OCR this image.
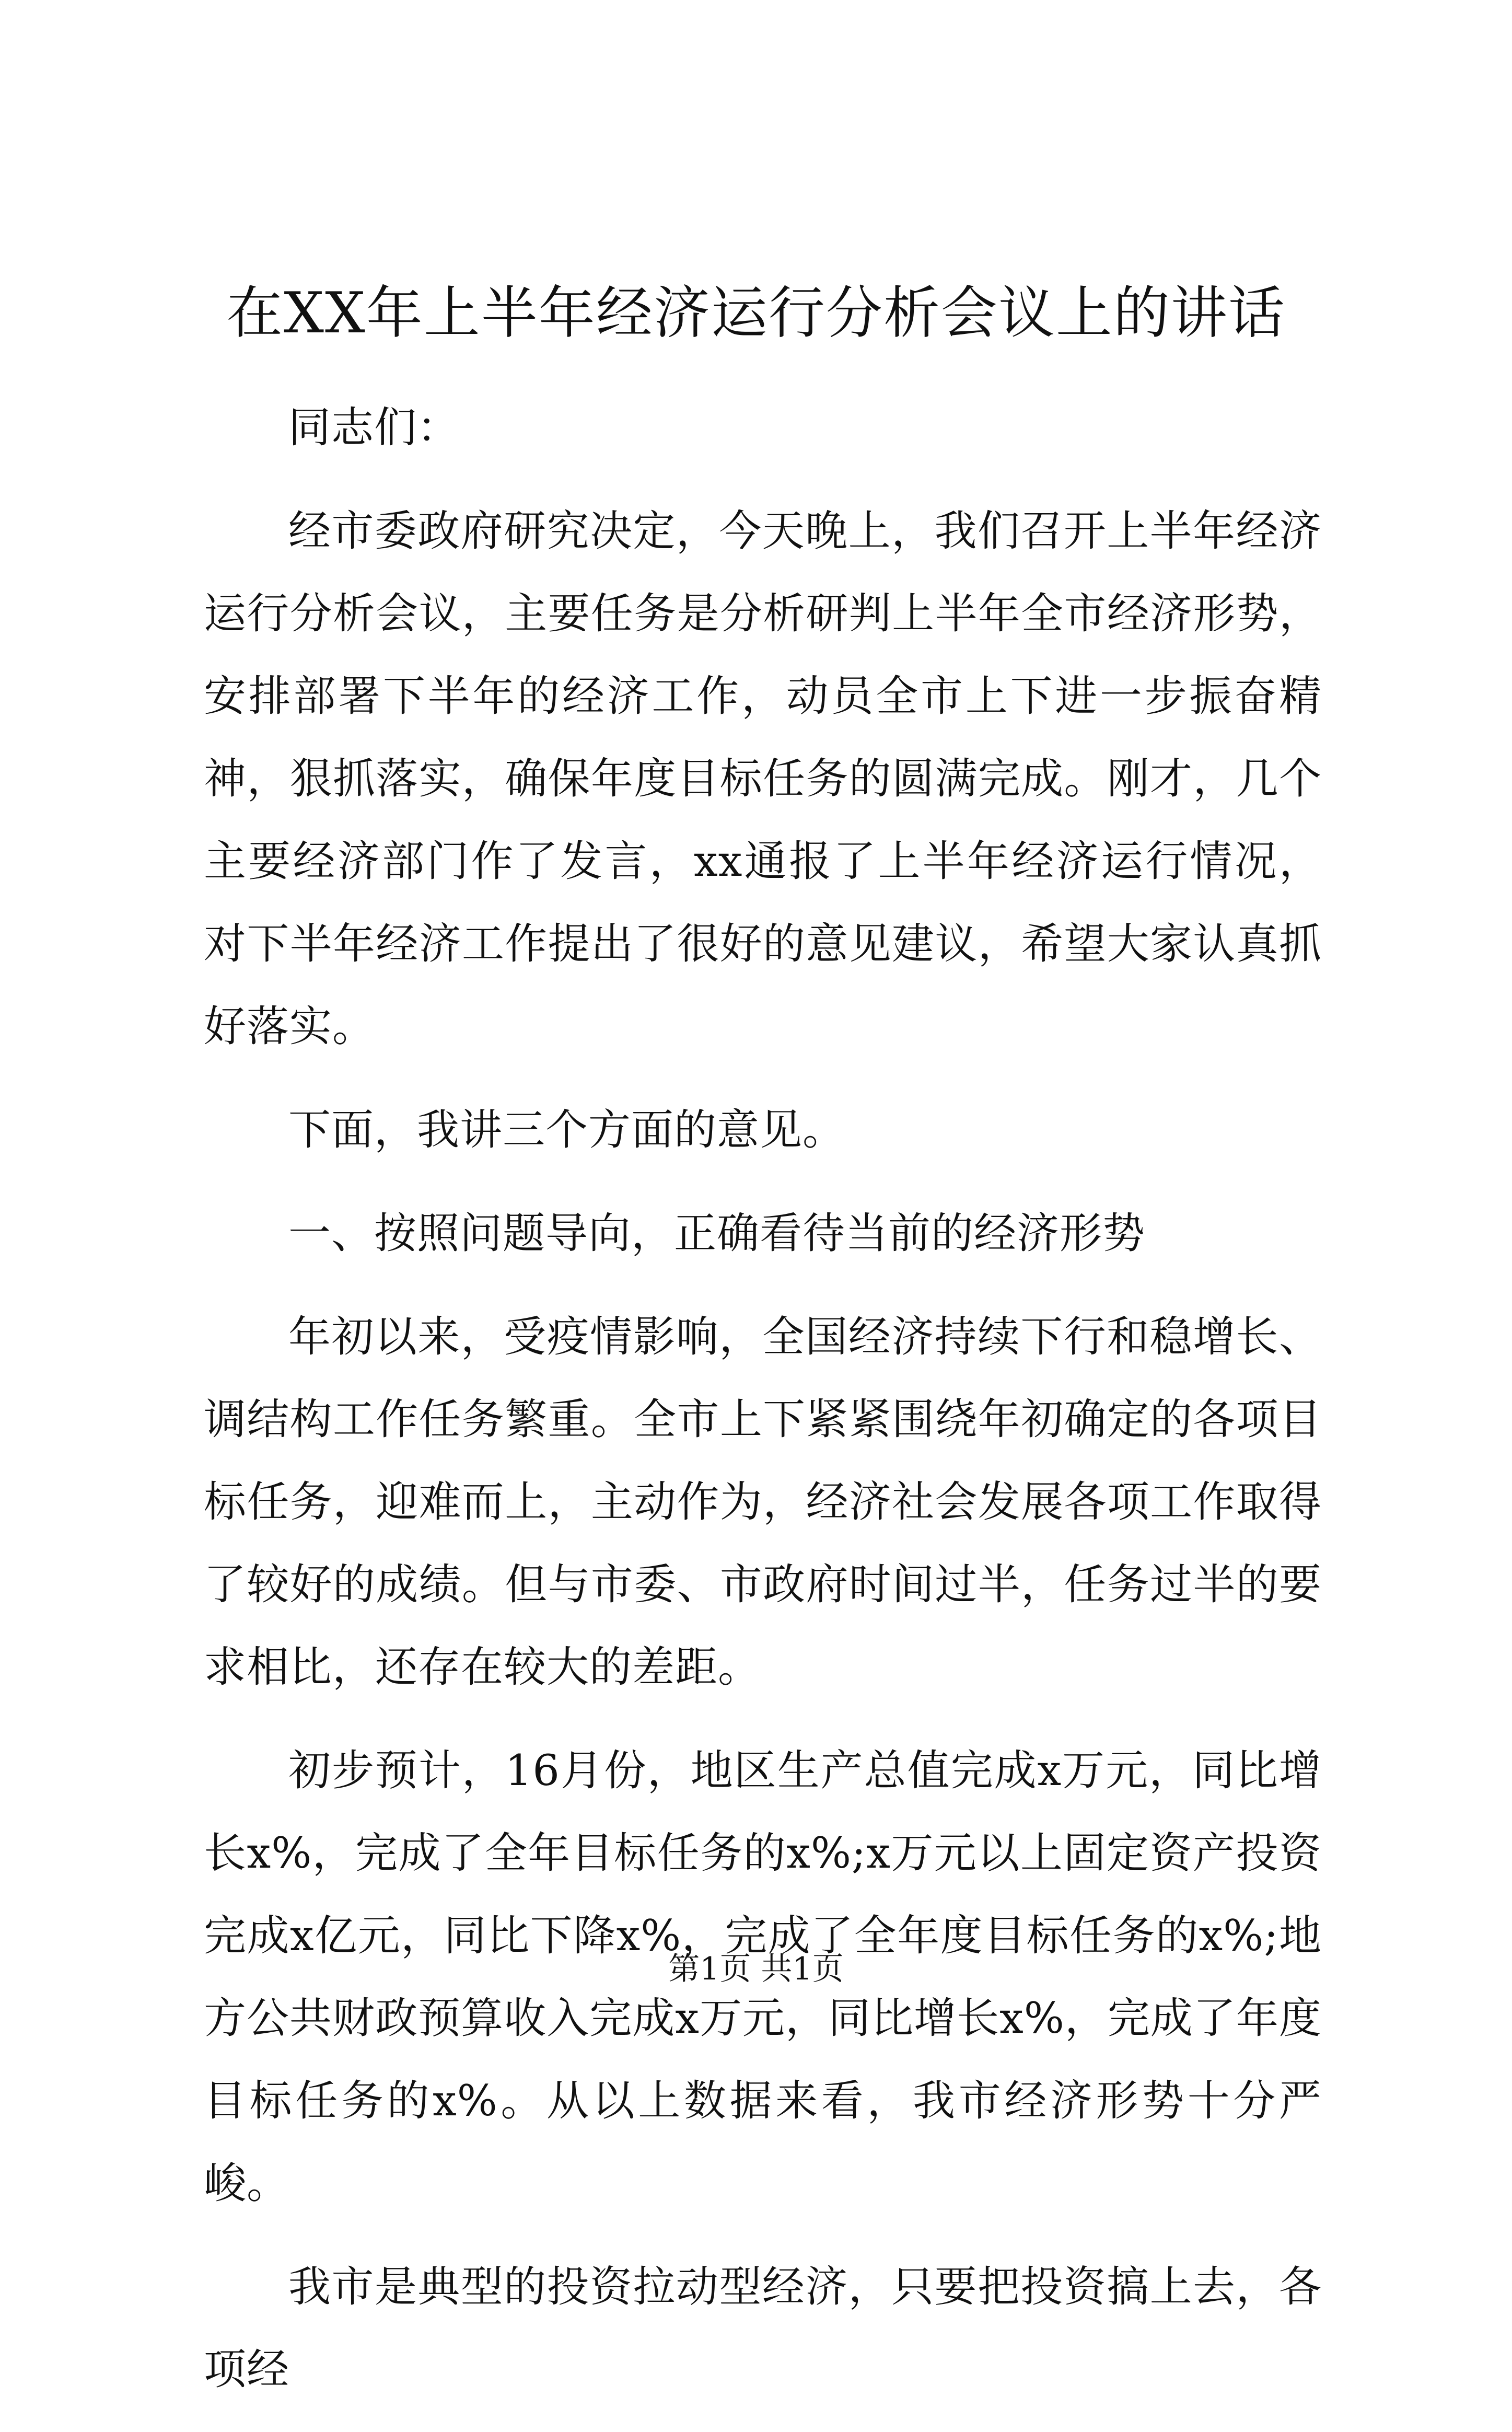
在XX年上半年经济运行分析会议上的讲话

同志们：

经市委政府研究决定，今天晚上，我们召开上半年经济运行分析会议，主要任务是分析研判上半年全市经济形势，安排部署下半年的经济工作，动员全市上下进一步振奋精神，狠抓落实，确保年度目标任务的圆满完成。刚才，几个主要经济部门作了发言，xx通报了上半年经济运行情况，对下半年经济工作提出了很好的意见建议，希望大家认真抓好落实。

下面，我讲三个方面的意见。

一、按照问题导向，正确看待当前的经济形势

年初以来，受疫情影响，全国经济持续下行和稳增长、调结构工作任务繁重。全市上下紧紧围绕年初确定的各项目标任务，迎难而上，主动作为，经济社会发展各项工作取得了较好的成绩。但与市委、市政府时间过半，任务过半的要求相比，还存在较大的差距。

初步预计，16月份，地区生产总值完成x万元，同比增长x%，完成了全年目标任务的x%;x万元以上固定资产投资完成x亿元，同比下降x%，完成了全年度目标任务的x%;地方公共财政预算收入完成x万元，同比增长x%，完成了年度目标任务的x%。从以上数据来看，我市经济形势十分严峻。

我市是典型的投资拉动型经济，只要把投资搞上去，各项经

第1页 共1页
